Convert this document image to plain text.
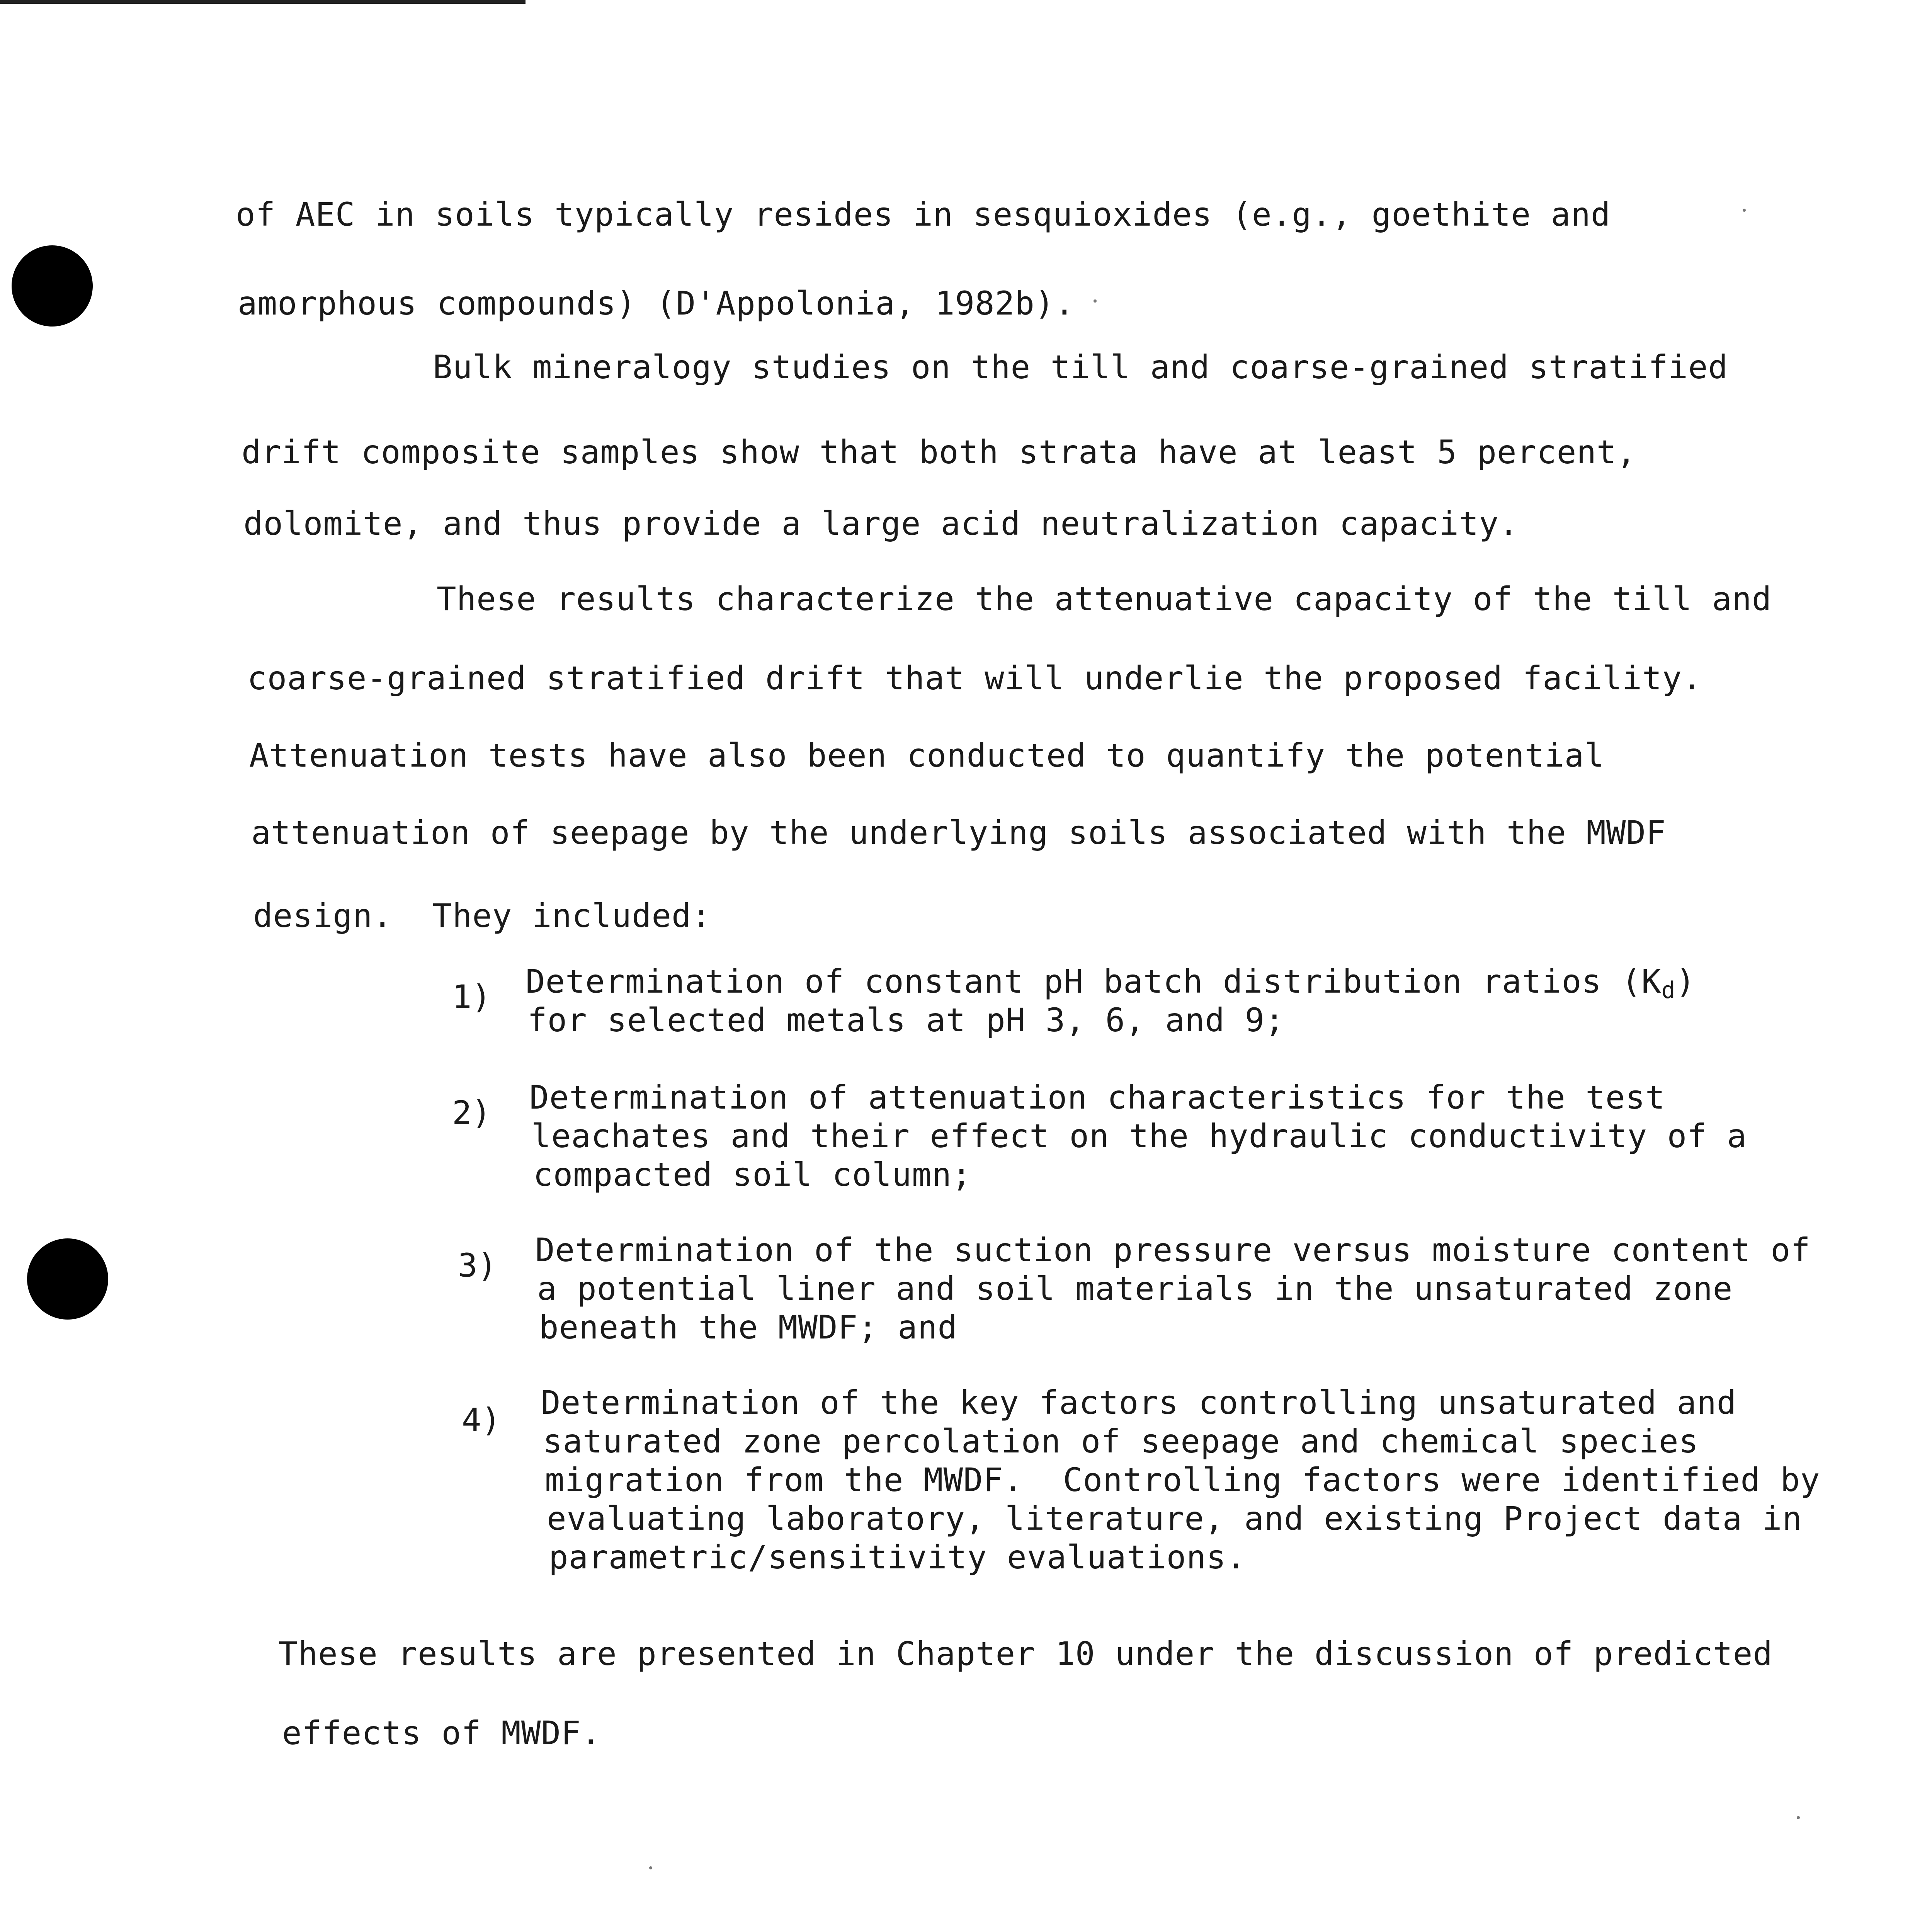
of AEC in soils typically resides in sesquioxides (e.g., goethite and
amorphous compounds) (D'Appolonia, 1982b).
Bulk mineralogy studies on the till and coarse-grained stratified
drift composite samples show that both strata have at least 5 percent,
dolomite, and thus provide a large acid neutralization capacity.
These results characterize the attenuative capacity of the till and
coarse-grained stratified drift that will underlie the proposed facility.
Attenuation tests have also been conducted to quantify the potential
attenuation of seepage by the underlying soils associated with the MWDF
design.  They included:
1) Determination of constant pH batch distribution ratios $(K_d)$
for selected metals at pH 3, 6, and 9;
2) Determination of attenuation characteristics for the test
leachates and their effect on the hydraulic conductivity of a
compacted soil column;
3) Determination of the suction pressure versus moisture content of
a potential liner and soil materials in the unsaturated zone
beneath the MWDF; and
4) Determination of the key factors controlling unsaturated and
saturated zone percolation of seepage and chemical species
migration from the MWDF.  Controlling factors were identified by
evaluating laboratory, literature, and existing Project data in
parametric/sensitivity evaluations.
These results are presented in Chapter 10 under the discussion of predicted
effects of MWDF.
